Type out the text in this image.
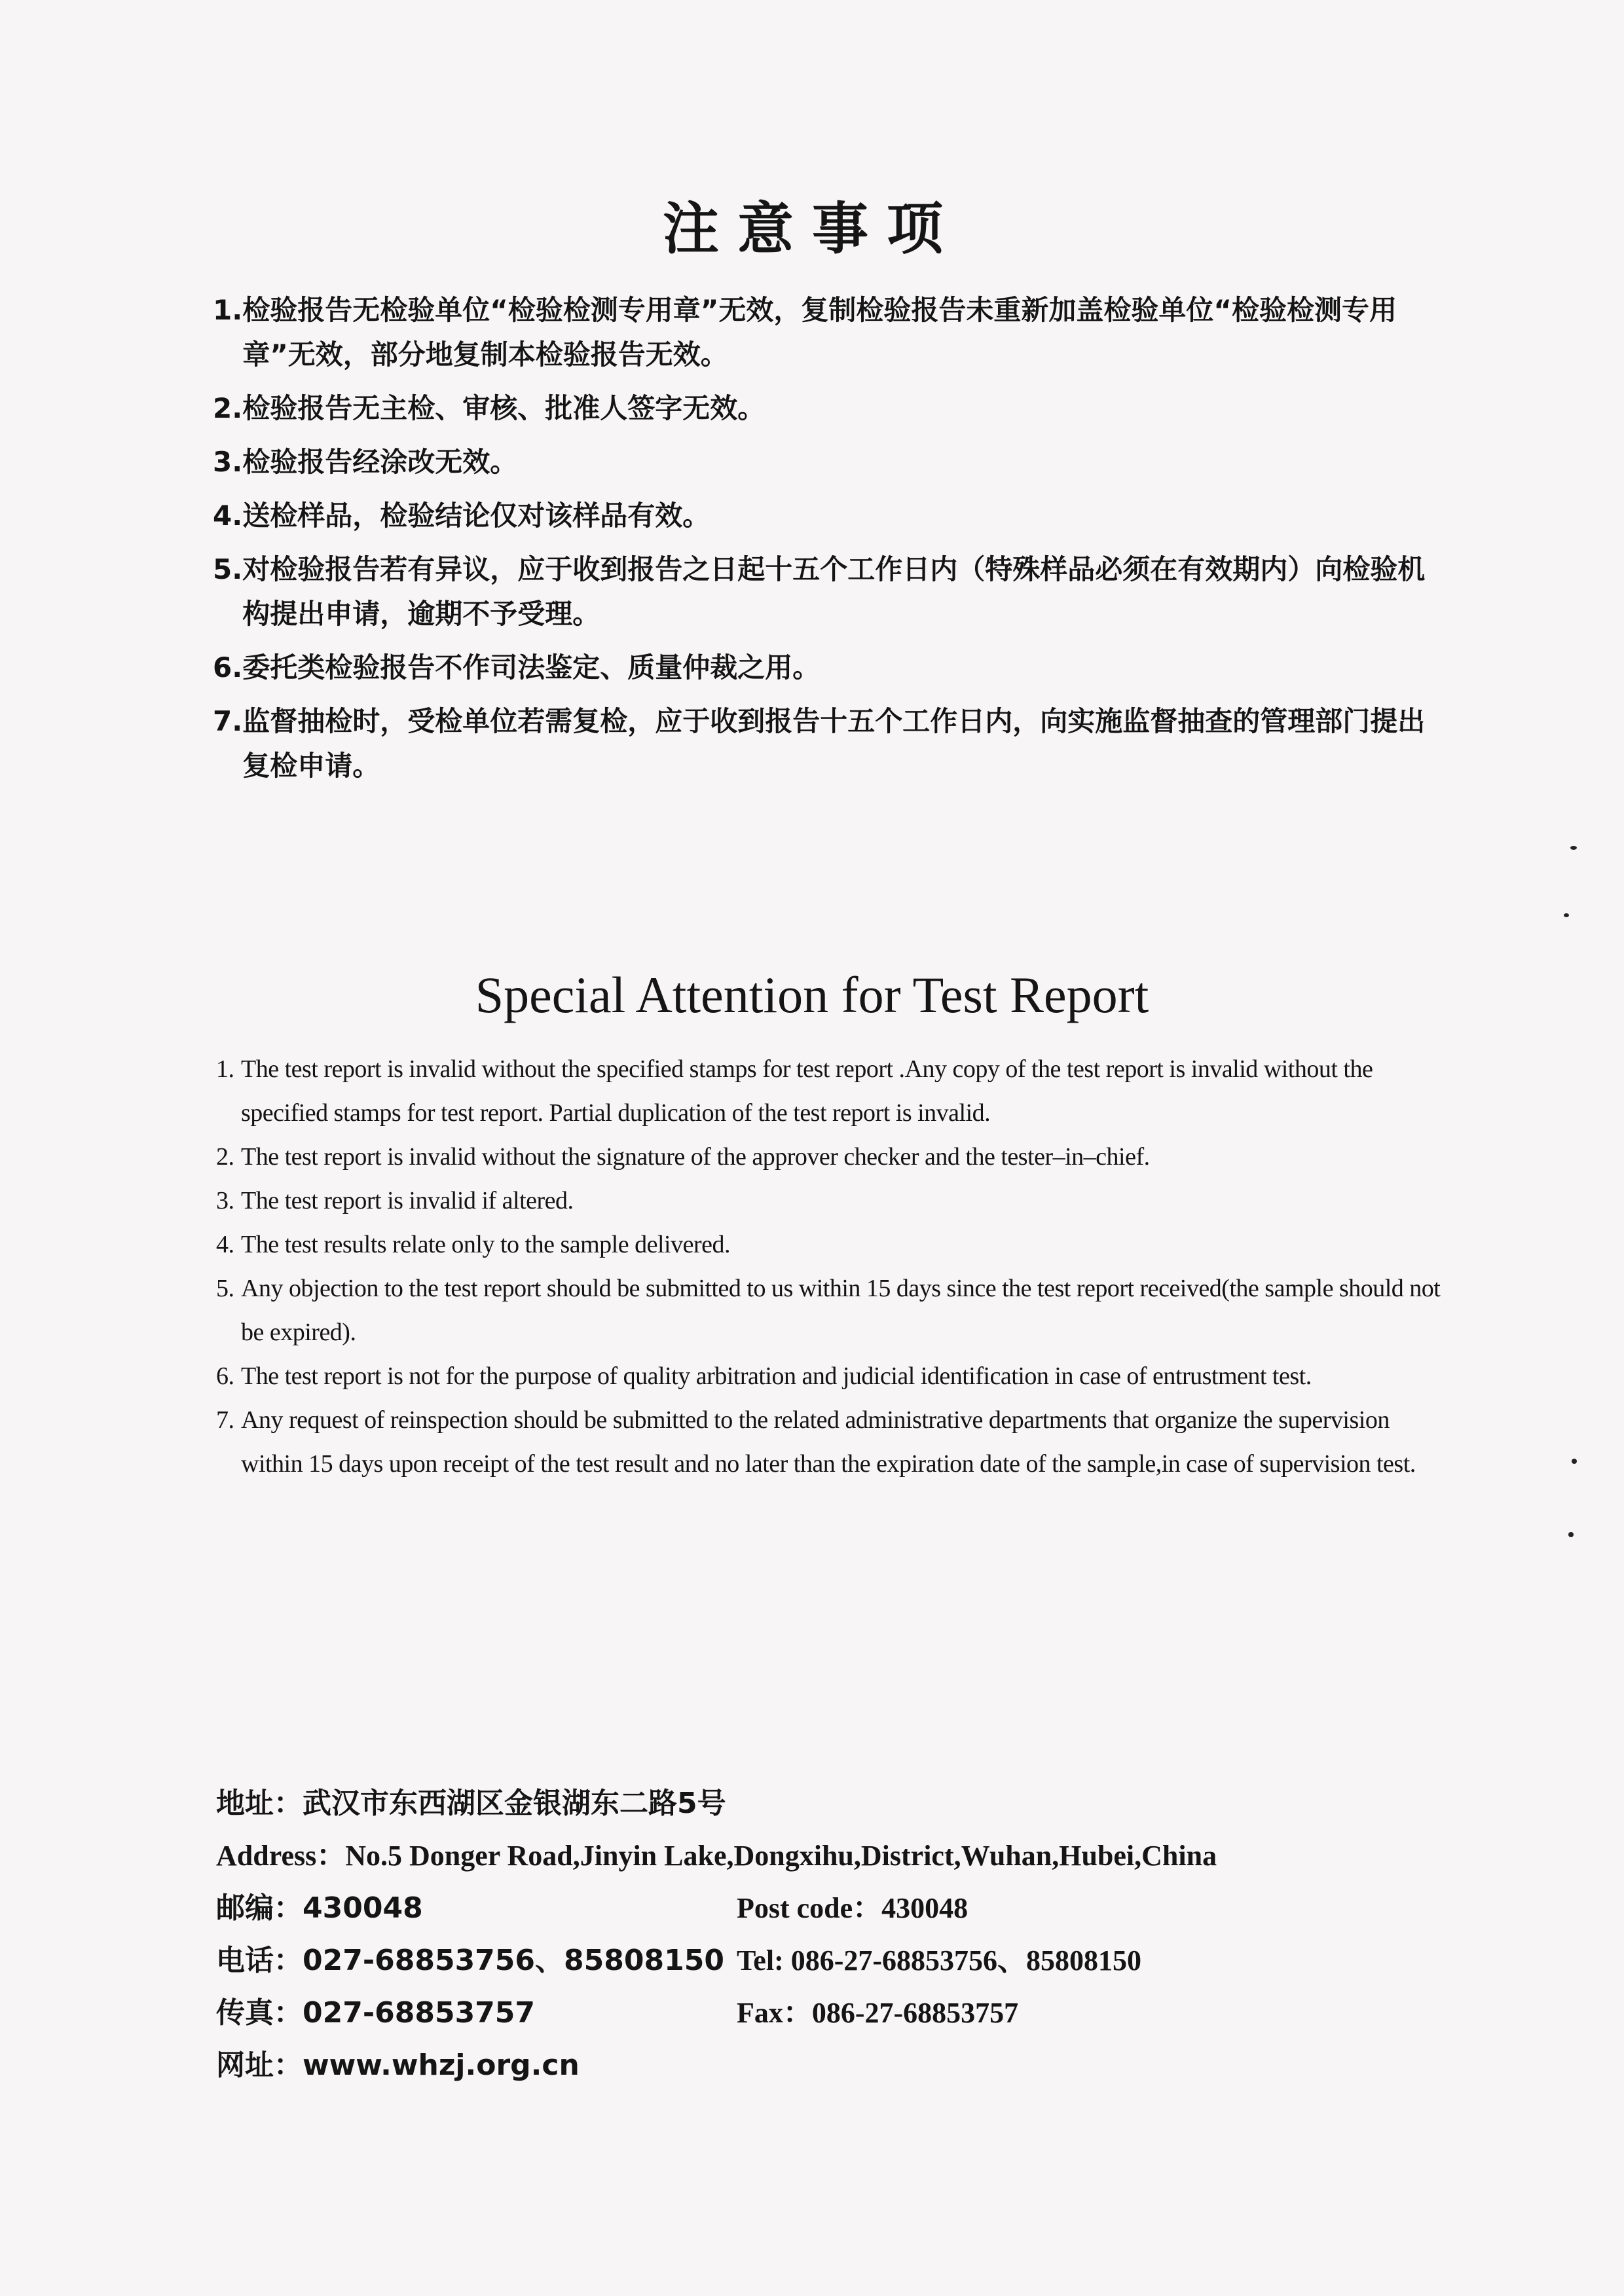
注意事项
1. 检验报告无检验单位“检验检测专用章”无效，复制检验报告未重新加盖检验单位“检验检测专用章”无效，部分地复制本检验报告无效。
2. 检验报告无主检、审核、批准人签字无效。
3. 检验报告经涂改无效。
4. 送检样品，检验结论仅对该样品有效。
5. 对检验报告若有异议，应于收到报告之日起十五个工作日内（特殊样品必须在有效期内）向检验机构提出申请，逾期不予受理。
6. 委托类检验报告不作司法鉴定、质量仲裁之用。
7. 监督抽检时，受检单位若需复检，应于收到报告十五个工作日内，向实施监督抽查的管理部门提出复检申请。
Special Attention for Test Report
1. The test report is invalid without the specified stamps for test report .Any copy of the test report is invalid without the specified stamps for test report. Partial duplication of the test report is invalid.
2. The test report is invalid without the signature of the approver checker and the tester–in–chief.
3. The test report is invalid if altered.
4. The test results relate only to the sample delivered.
5. Any objection to the test report should be submitted to us within 15 days since the test report received(the sample should not be expired).
6. The test report is not for the purpose of quality arbitration and judicial identification in case of entrustment test.
7. Any request of reinspection should be submitted to the related administrative departments that organize the supervision within 15 days upon receipt of the test result and no later than the expiration date of the sample,in case of supervision test.
地址：武汉市东西湖区金银湖东二路5号
Address：No.5 Donger Road,Jinyin Lake,Dongxihu,District,Wuhan,Hubei,China
邮编：430048	Post code：430048
电话：027-68853756、85808150 Tel: 086-27-68853756、85808150
传真：027-68853757	Fax：086-27-68853757
网址：www.whzj.org.cn
